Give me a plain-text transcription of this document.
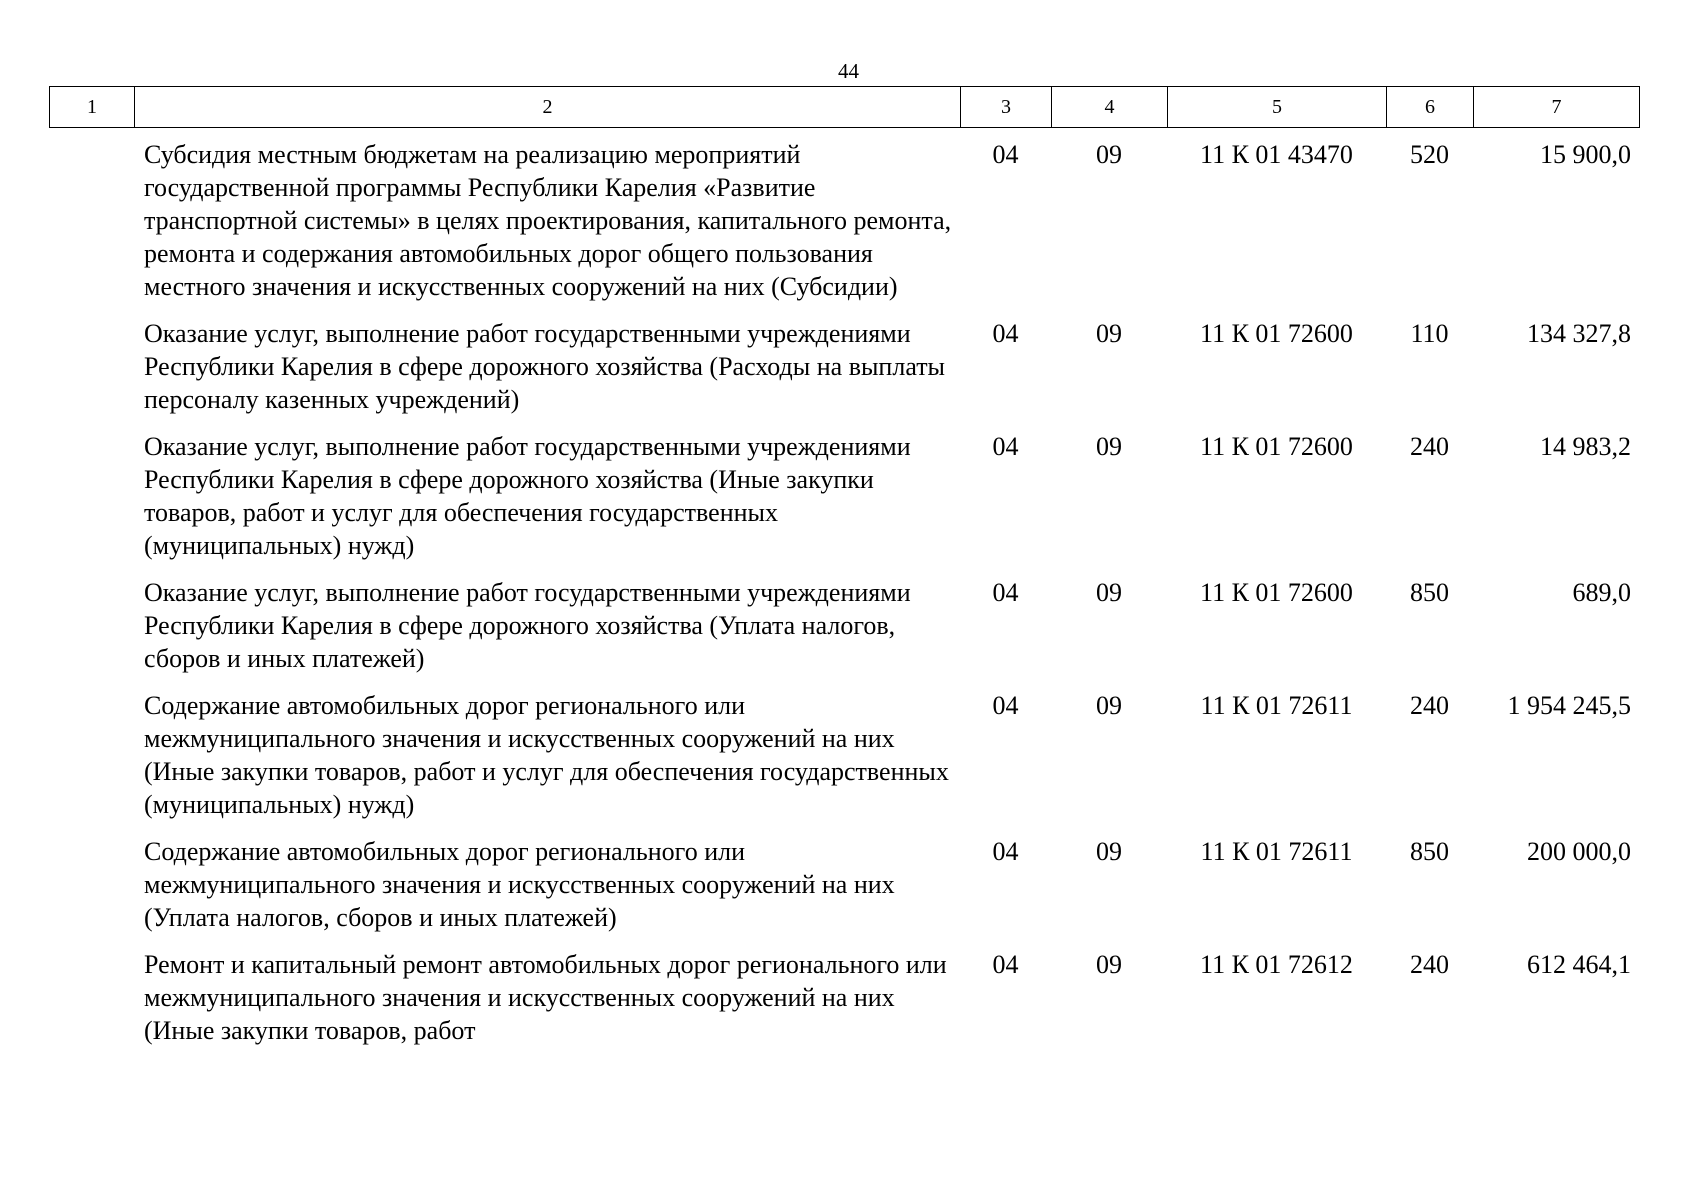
44
1	2	3	4	5	6	7
Субсидия местным бюджетам на реализацию мероприятий государственной программы Республики Карелия «Развитие транспортной системы» в целях проектирования, капитального ремонта, ремонта и содержания автомобильных дорог общего пользования местного значения и искусственных сооружений на них (Субсидии)	04	09	11 К 01 43470	520	15 900,0
Оказание услуг, выполнение работ государственными учреждениями Республики Карелия в сфере дорожного хозяйства (Расходы на выплаты персоналу казенных учреждений)	04	09	11 К 01 72600	110	134 327,8
Оказание услуг, выполнение работ государственными учреждениями Республики Карелия в сфере дорожного хозяйства (Иные закупки товаров, работ и услуг для обеспечения государственных (муниципальных) нужд)	04	09	11 К 01 72600	240	14 983,2
Оказание услуг, выполнение работ государственными учреждениями Республики Карелия в сфере дорожного хозяйства (Уплата налогов, сборов и иных платежей)	04	09	11 К 01 72600	850	689,0
Содержание автомобильных дорог регионального или межмуниципального значения и искусственных сооружений на них (Иные закупки товаров, работ и услуг для обеспечения государственных (муниципальных) нужд)	04	09	11 К 01 72611	240	1 954 245,5
Содержание автомобильных дорог регионального или межмуниципального значения и искусственных сооружений на них (Уплата налогов, сборов и иных платежей)	04	09	11 К 01 72611	850	200 000,0
Ремонт и капитальный ремонт автомобильных дорог регионального или межмуниципального значения и искусственных сооружений на них (Иные закупки товаров, работ	04	09	11 К 01 72612	240	612 464,1
